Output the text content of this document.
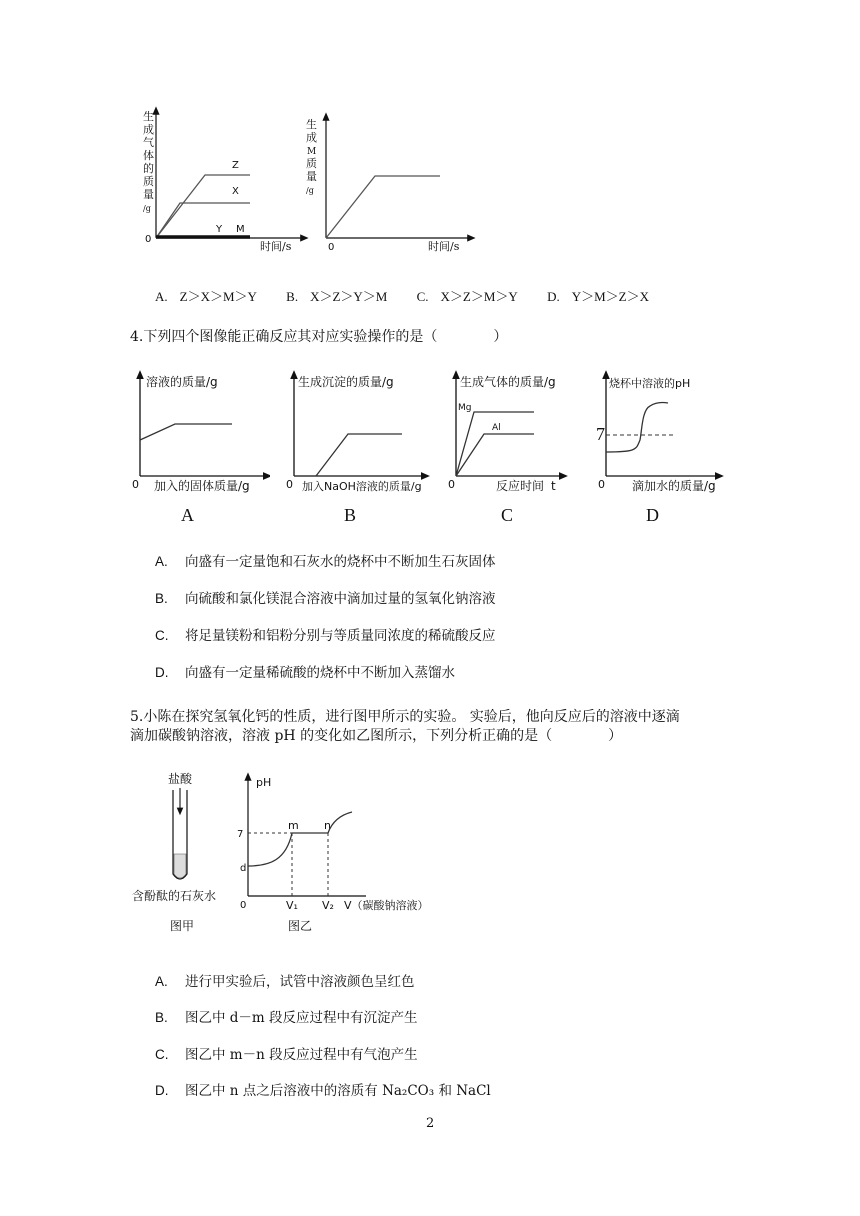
生成气体的质量/g
0
时间/s
Z
X
Y M
生成 M 质量/g
0	时间/s
A. Z＞X＞M＞Y B. X＞Z＞Y＞M C. X＞Z＞M＞Y D. Y＞M＞Z＞X
4.下列四个图像能正确反应其对应实验操作的是（　　　　）
溶液的质量/g
0 加入的固体质量/g
A
生成沉淀的质量/g
0 加入NaOH溶液的质量/g
B
生成气体的质量/g
0	反应时间 t
Mg
Al
C
烧杯中溶液的pH
0 滴加水的质量/g
7
D
A. 向盛有一定量饱和石灰水的烧杯中不断加生石灰固体
B. 向硫酸和氯化镁混合溶液中滴加过量的氢氧化钠溶液
C. 将足量镁粉和铝粉分别与等质量同浓度的稀硫酸反应
D. 向盛有一定量稀硫酸的烧杯中不断加入蒸馏水
5.小陈在探究氢氧化钙的性质，进行图甲所示的实验。 实验后，他向反应后的溶液中逐滴
滴加碳酸钠溶液，溶液 pH 的变化如乙图所示，下列分析正确的是（　　　　）
盐酸
含酚酞的石灰水
图甲
pH
0
7
d
m n
V₁ V₂ V（碳酸钠溶液）
图乙
A. 进行甲实验后，试管中溶液颜色呈红色
B. 图乙中 d－m 段反应过程中有沉淀产生
C. 图乙中 m－n 段反应过程中有气泡产生
D. 图乙中 n 点之后溶液中的溶质有 Na₂CO₃ 和 NaCl
2
